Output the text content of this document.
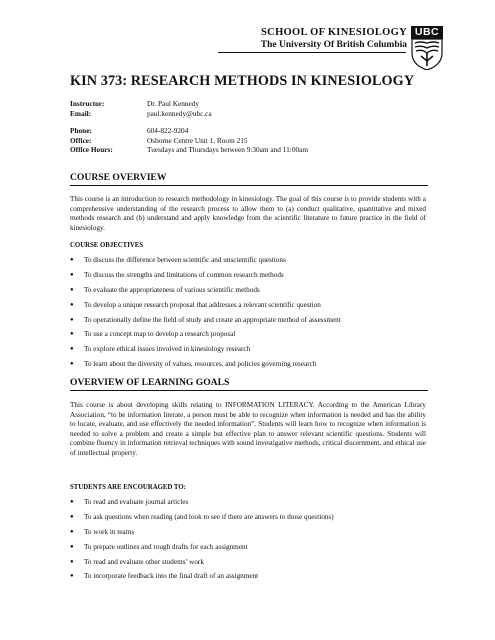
SCHOOL OF KINESIOLOGY
The University Of British Columbia
UBC
KIN 373: RESEARCH METHODS IN KINESIOLOGY
Instructor:	Dr. Paul Kennedy
Email:	paul.kennedy@ubc.ca
Phone:	604-822-9204
Office:	Osborne Centre Unit 1, Room 215
Office Hours:	Tuesdays and Thursdays between 9:30am and 11:00am
COURSE OVERVIEW
This course is an introduction to research methodology in kinesiology. The goal of this course is to provide students with a comprehensive understanding of the research process to allow them to (a) conduct qualitative, quantitative and mixed methods research and (b) understand and apply knowledge from the scientific literature to future practice in the field of kinesiology.
COURSE OBJECTIVES
●	To discuss the difference between scientific and unscientific questions
●	To discuss the strengths and limitations of common research methods
●	To evaluate the appropriateness of various scientific methods
●	To develop a unique research proposal that addresses a relevant scientific question
●	To operationally define the field of study and create an appropriate method of assessment
●	To use a concept map to develop a research proposal
●	To explore ethical issues involved in kinesiology research
●	To learn about the diversity of values, resources, and policies governing research
OVERVIEW OF LEARNING GOALS
This course is about developing skills relating to INFORMATION LITERACY. According to the American Library Association, “to be information literate, a person must be able to recognize when information is needed and has the ability to locate, evaluate, and use effectively the needed information”. Students will learn how to recognize when information is needed to solve a problem and create a simple but effective plan to answer relevant scientific questions. Students will combine fluency in information retrieval techniques with sound investigative methods, critical discernment, and ethical use of intellectual property.
STUDENTS ARE ENCOURAGED TO:
●	To read and evaluate journal articles
●	To ask questions when reading (and look to see if there are answers to those questions)
●	To work in teams
●	To prepare outlines and rough drafts for each assignment
●	To read and evaluate other students’ work
●	To incorporate feedback into the final draft of an assignment
